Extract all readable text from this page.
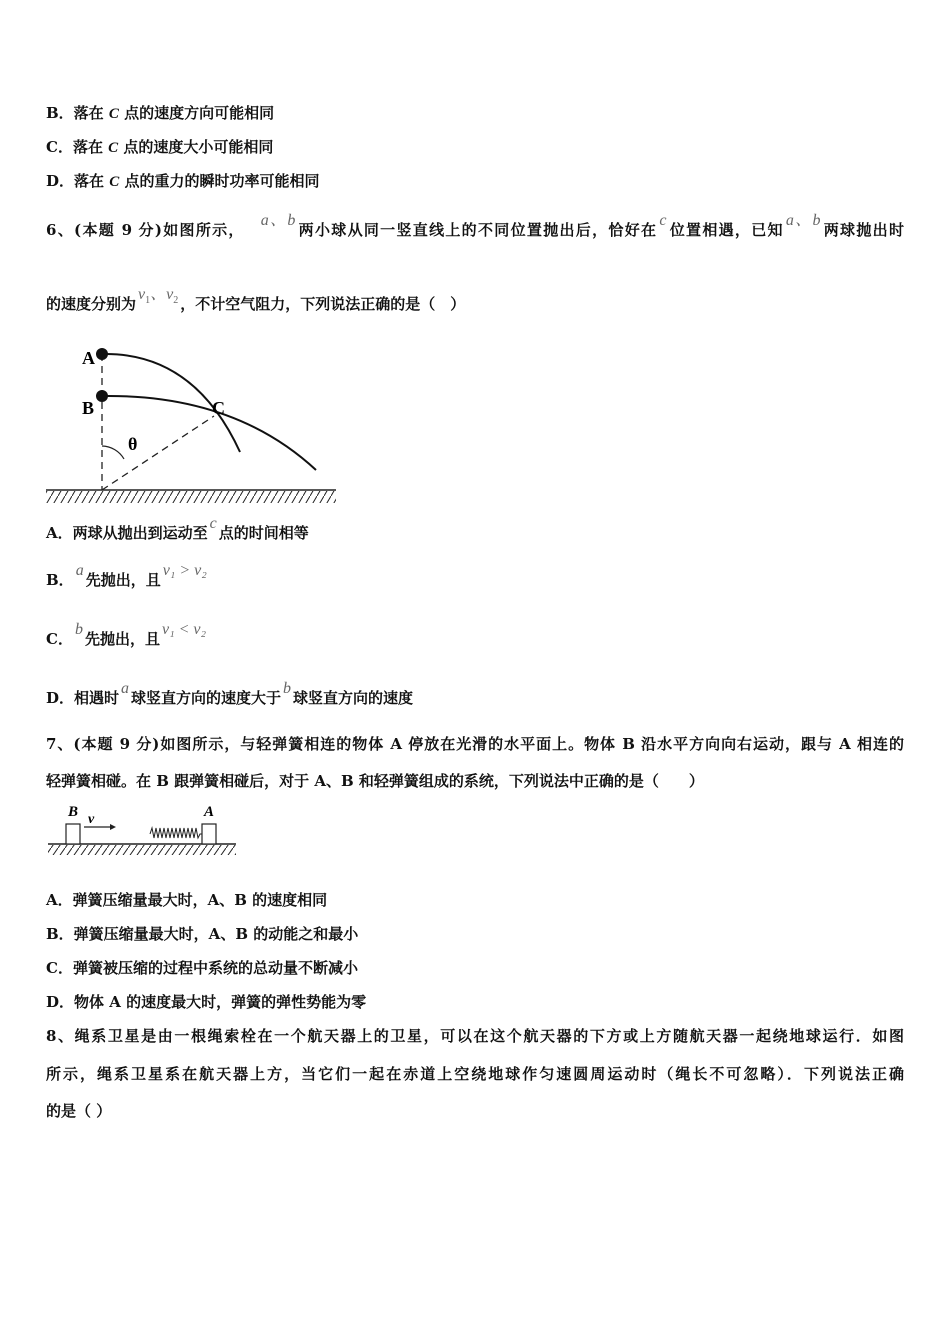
B．落在 C 点的速度方向可能相同
C．落在 C 点的速度大小可能相同
D．落在 C 点的重力的瞬时功率可能相同
6、(本题 9 分)如图所示，a、b两小球从同一竖直线上的不同位置抛出后，恰好在c位置相遇，已知a、b两球抛出时
的速度分别为$v_1$、$v_2$ ，不计空气阻力，下列说法正确的是（　）
A
B	C
θ
A．两球从抛出到运动至c点的时间相等
B．a先抛出，且v₁ > v₂
C．b先抛出，且v₁ < v₂
D．相遇时a球竖直方向的速度大于b球竖直方向的速度
7、(本题 9 分)如图所示，与轻弹簧相连的物体 A 停放在光滑的水平面上。物体 B 沿水平方向向右运动，跟与 A 相连的
轻弹簧相碰。在 B 跟弹簧相碰后，对于 A、B 和轻弹簧组成的系统，下列说法中正确的是（　　）
B v	A
A．弹簧压缩量最大时，A、B 的速度相同
B．弹簧压缩量最大时，A、B 的动能之和最小
C．弹簧被压缩的过程中系统的总动量不断减小
D．物体 A 的速度最大时，弹簧的弹性势能为零
8、绳系卫星是由一根绳索栓在一个航天器上的卫星，可以在这个航天器的下方或上方随航天器一起绕地球运行．如图
所示，绳系卫星系在航天器上方，当它们一起在赤道上空绕地球作匀速圆周运动时（绳长不可忽略）．下列说法正确
的是（ ）
